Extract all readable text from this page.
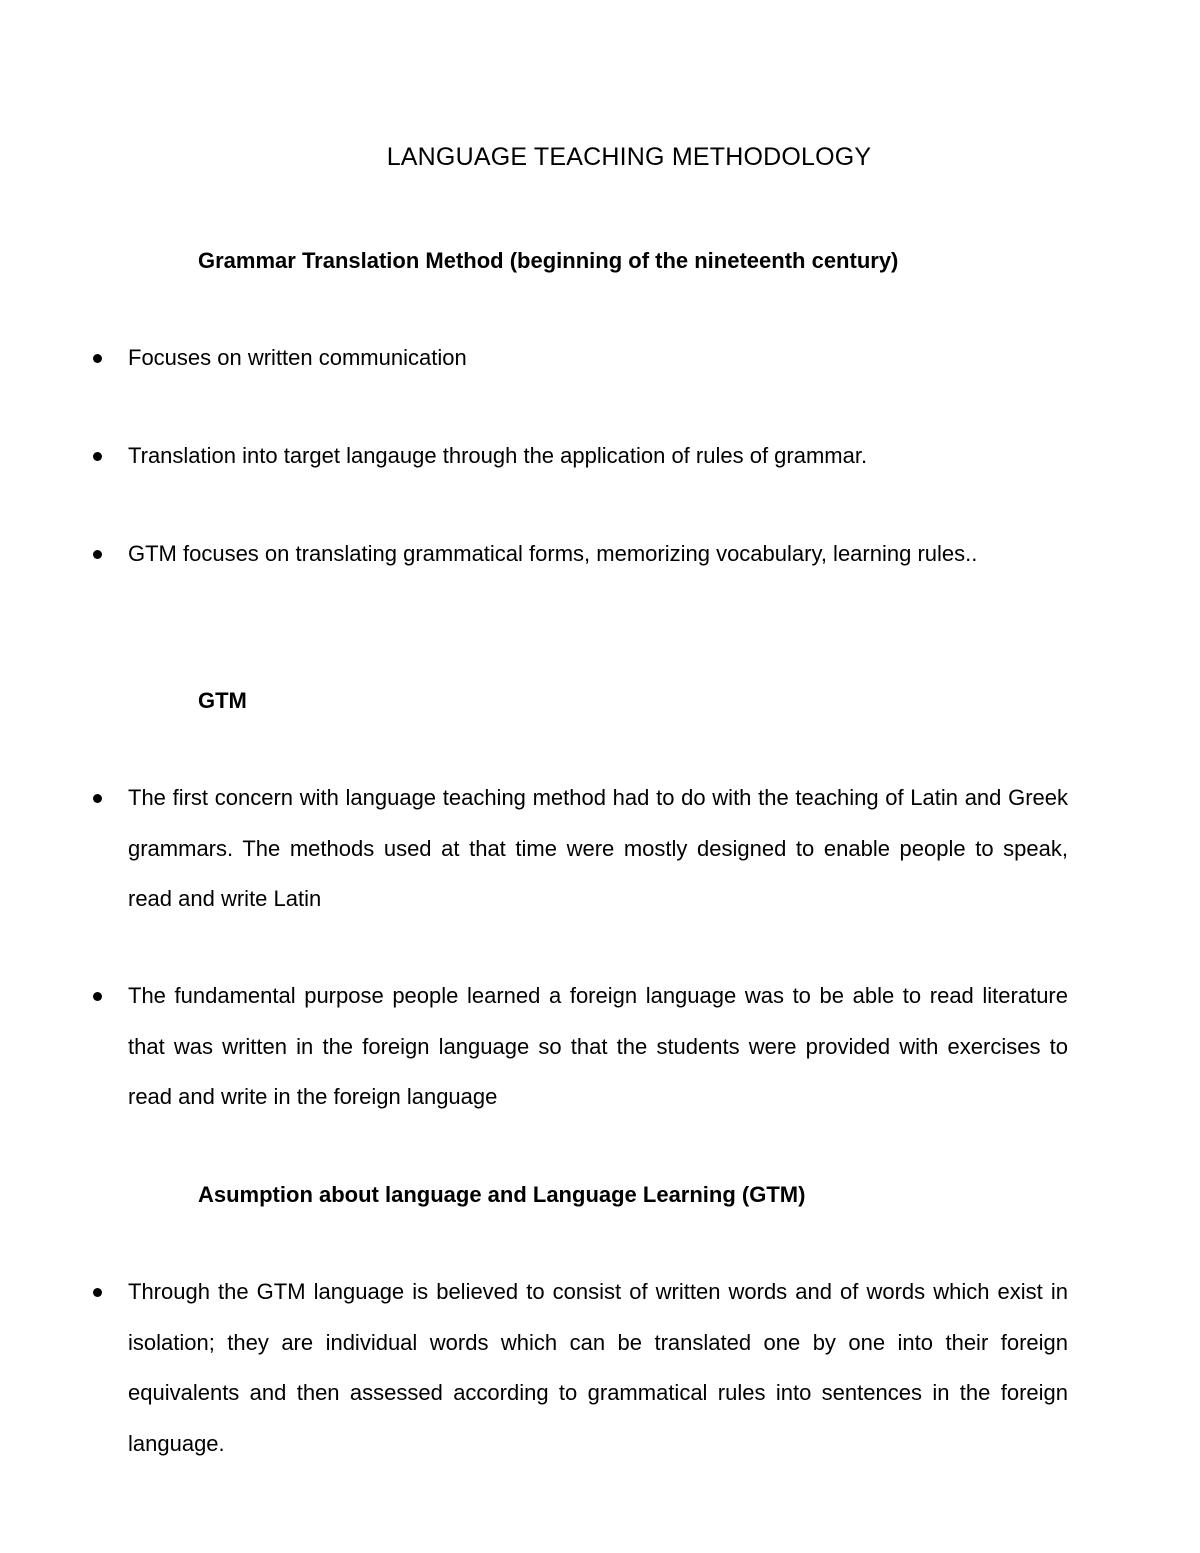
LANGUAGE TEACHING METHODOLOGY
Grammar Translation Method (beginning of the nineteenth century)
Focuses on written communication
Translation into target langauge through the application of rules of grammar.
GTM focuses on translating grammatical forms, memorizing vocabulary, learning rules..
GTM
The first concern with language teaching method had to do with the teaching of Latin and Greek grammars. The methods used at that time were mostly designed to enable people to speak, read and write Latin
The fundamental purpose people learned a foreign language was to be able to read literature that was written in the foreign language so that the students were provided with exercises to read and write in the foreign language
Asumption about language and Language Learning (GTM)
Through the GTM language is believed to consist of written words and of words which exist in isolation; they are individual words which can be translated one by one into their foreign equivalents and then assessed according to grammatical rules into sentences in the foreign language.
